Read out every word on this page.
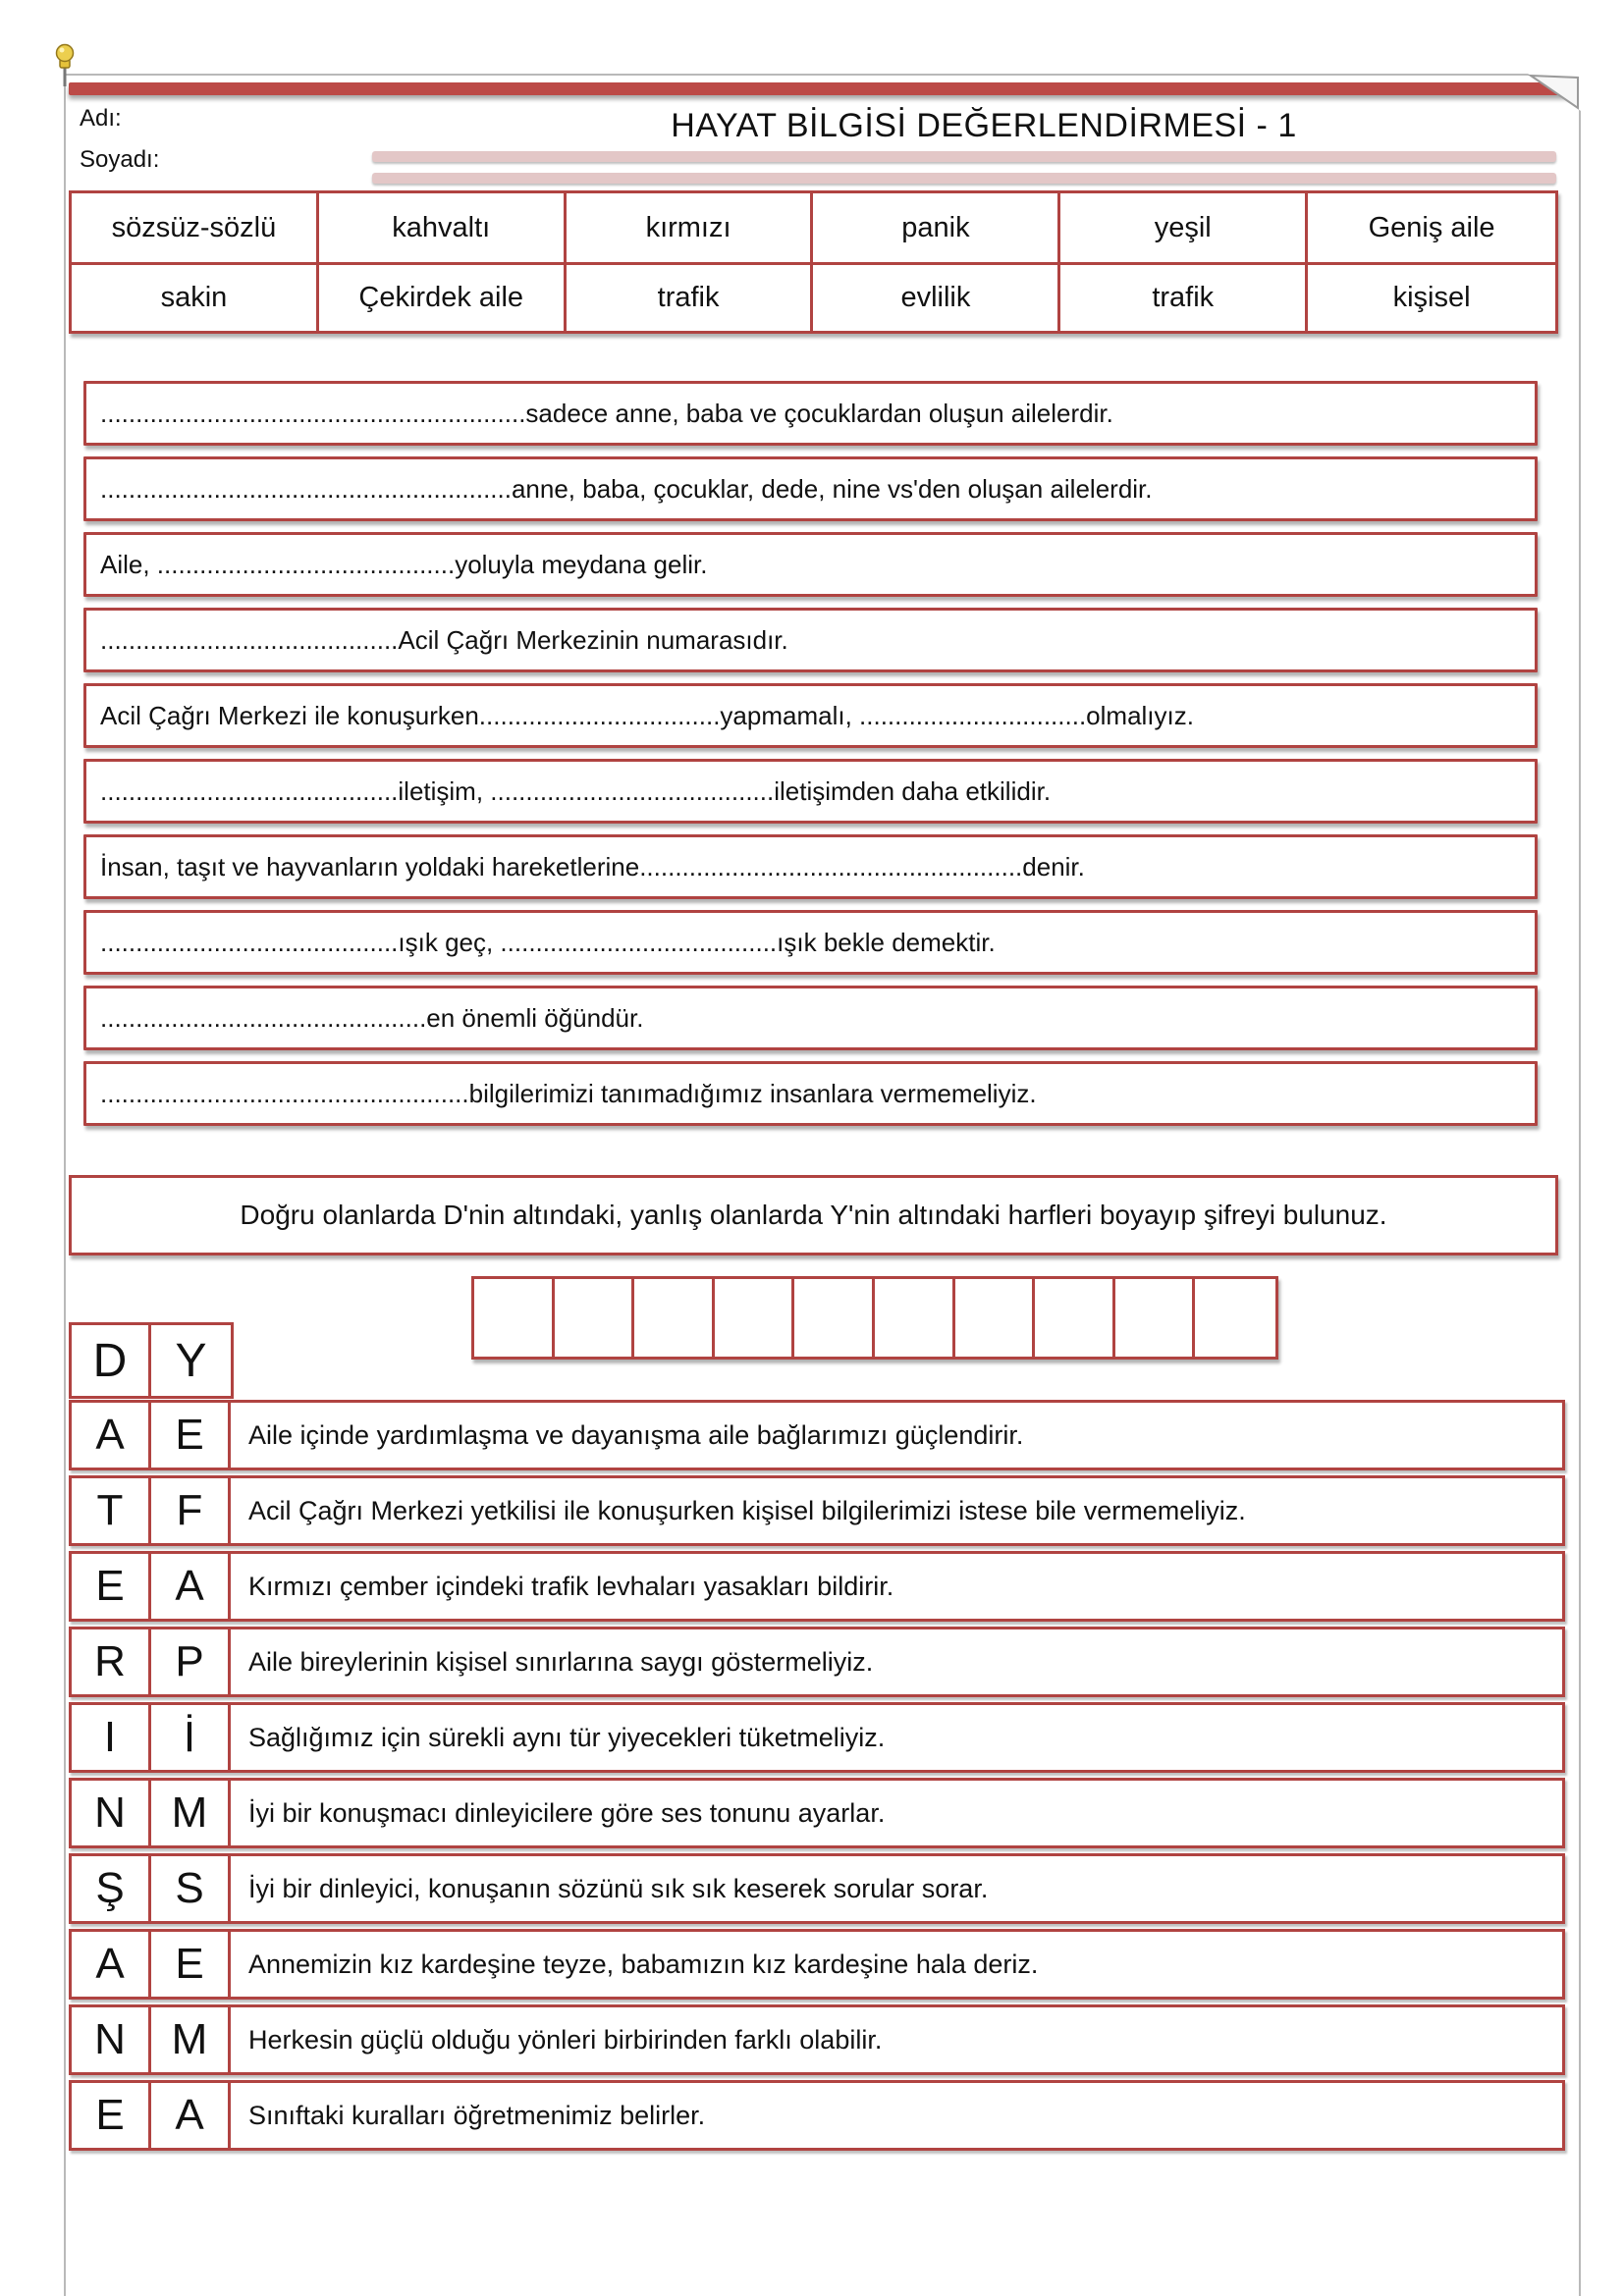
Adı:
Soyadı:
HAYAT BİLGİSİ DEĞERLENDİRMESİ - 1
sözsüz-sözlü	kahvaltı	kırmızı	panik	yeşil	Geniş aile
sakin	Çekirdek aile	trafik	evlilik	trafik	kişisel
............................................................sadece anne, baba ve çocuklardan oluşun ailelerdir.
..........................................................anne, baba, çocuklar, dede, nine vs'den oluşan ailelerdir.
Aile, ..........................................yoluyla meydana gelir.
..........................................Acil Çağrı Merkezinin numarasıdır.
Acil Çağrı Merkezi ile konuşurken..................................yapmamalı, ................................olmalıyız.
..........................................iletişim, ........................................iletişimden daha etkilidir.
İnsan, taşıt ve hayvanların yoldaki hareketlerine......................................................denir.
..........................................ışık geç, .......................................ışık bekle demektir.
..............................................en önemli öğündür.
....................................................bilgilerimizi tanımadığımız insanlara vermemeliyiz.
Doğru olanlarda D'nin altındaki, yanlış olanlarda Y'nin altındaki harfleri boyayıp şifreyi bulunuz.
D	Y
A	E	Aile içinde yardımlaşma ve dayanışma aile bağlarımızı güçlendirir.
T	F	Acil Çağrı Merkezi yetkilisi ile konuşurken kişisel bilgilerimizi istese bile vermemeliyiz.
E	A	Kırmızı çember içindeki trafik levhaları yasakları bildirir.
R	P	Aile bireylerinin kişisel sınırlarına saygı göstermeliyiz.
I	İ	Sağlığımız için sürekli aynı tür yiyecekleri tüketmeliyiz.
N	M	İyi bir konuşmacı dinleyicilere göre ses tonunu ayarlar.
Ş	S	İyi bir dinleyici, konuşanın sözünü sık sık keserek sorular sorar.
A	E	Annemizin kız kardeşine teyze, babamızın kız kardeşine hala deriz.
N	M	Herkesin güçlü olduğu yönleri birbirinden farklı olabilir.
E	A	Sınıftaki kuralları öğretmenimiz belirler.
